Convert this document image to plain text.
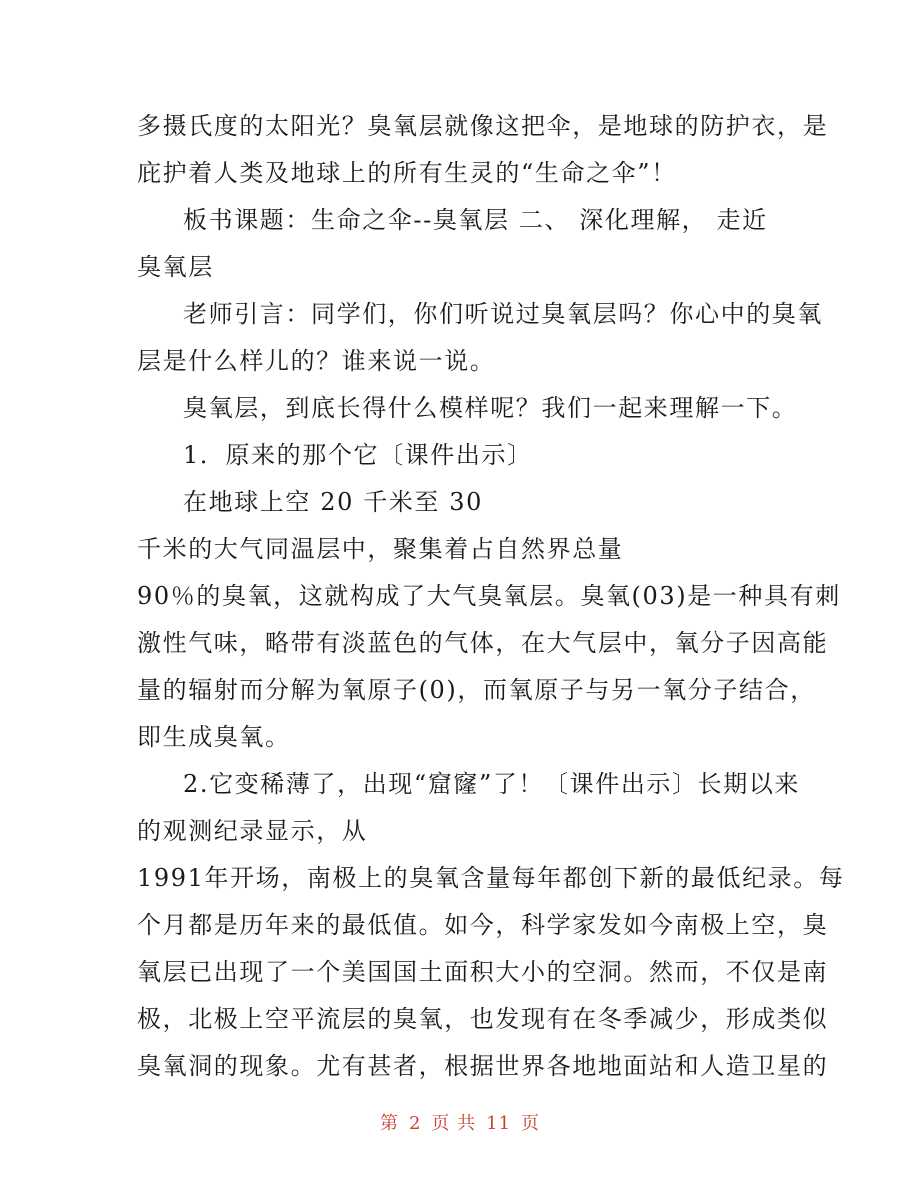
多摄氏度的太阳光？臭氧层就像这把伞，是地球的防护衣，是
庇护着人类及地球上的所有生灵的“生命之伞”！
板书课题：生命之伞--臭氧层 二、 深化理解， 走近
臭氧层
老师引言：同学们，你们听说过臭氧层吗？你心中的臭氧
层是什么样儿的？谁来说一说。
臭氧层，到底长得什么模样呢？我们一起来理解一下。
1．原来的那个它〔课件出示〕
在地球上空 20 千米至 30
千米的大气同温层中，聚集着占自然界总量
90％的臭氧，这就构成了大气臭氧层。臭氧(03)是一种具有刺
激性气味，略带有淡蓝色的气体，在大气层中，氧分子因高能
量的辐射而分解为氧原子(0)，而氧原子与另一氧分子结合，
即生成臭氧。
2.它变稀薄了，出现“窟窿”了！〔课件出示〕长期以来
的观测纪录显示，从
1991年开场，南极上的臭氧含量每年都创下新的最低纪录。每
个月都是历年来的最低值。如今，科学家发如今南极上空，臭
氧层已出现了一个美国国土面积大小的空洞。然而，不仅是南
极，北极上空平流层的臭氧，也发现有在冬季减少，形成类似
臭氧洞的现象。尤有甚者，根据世界各地地面站和人造卫星的
第 2 页 共 11 页
